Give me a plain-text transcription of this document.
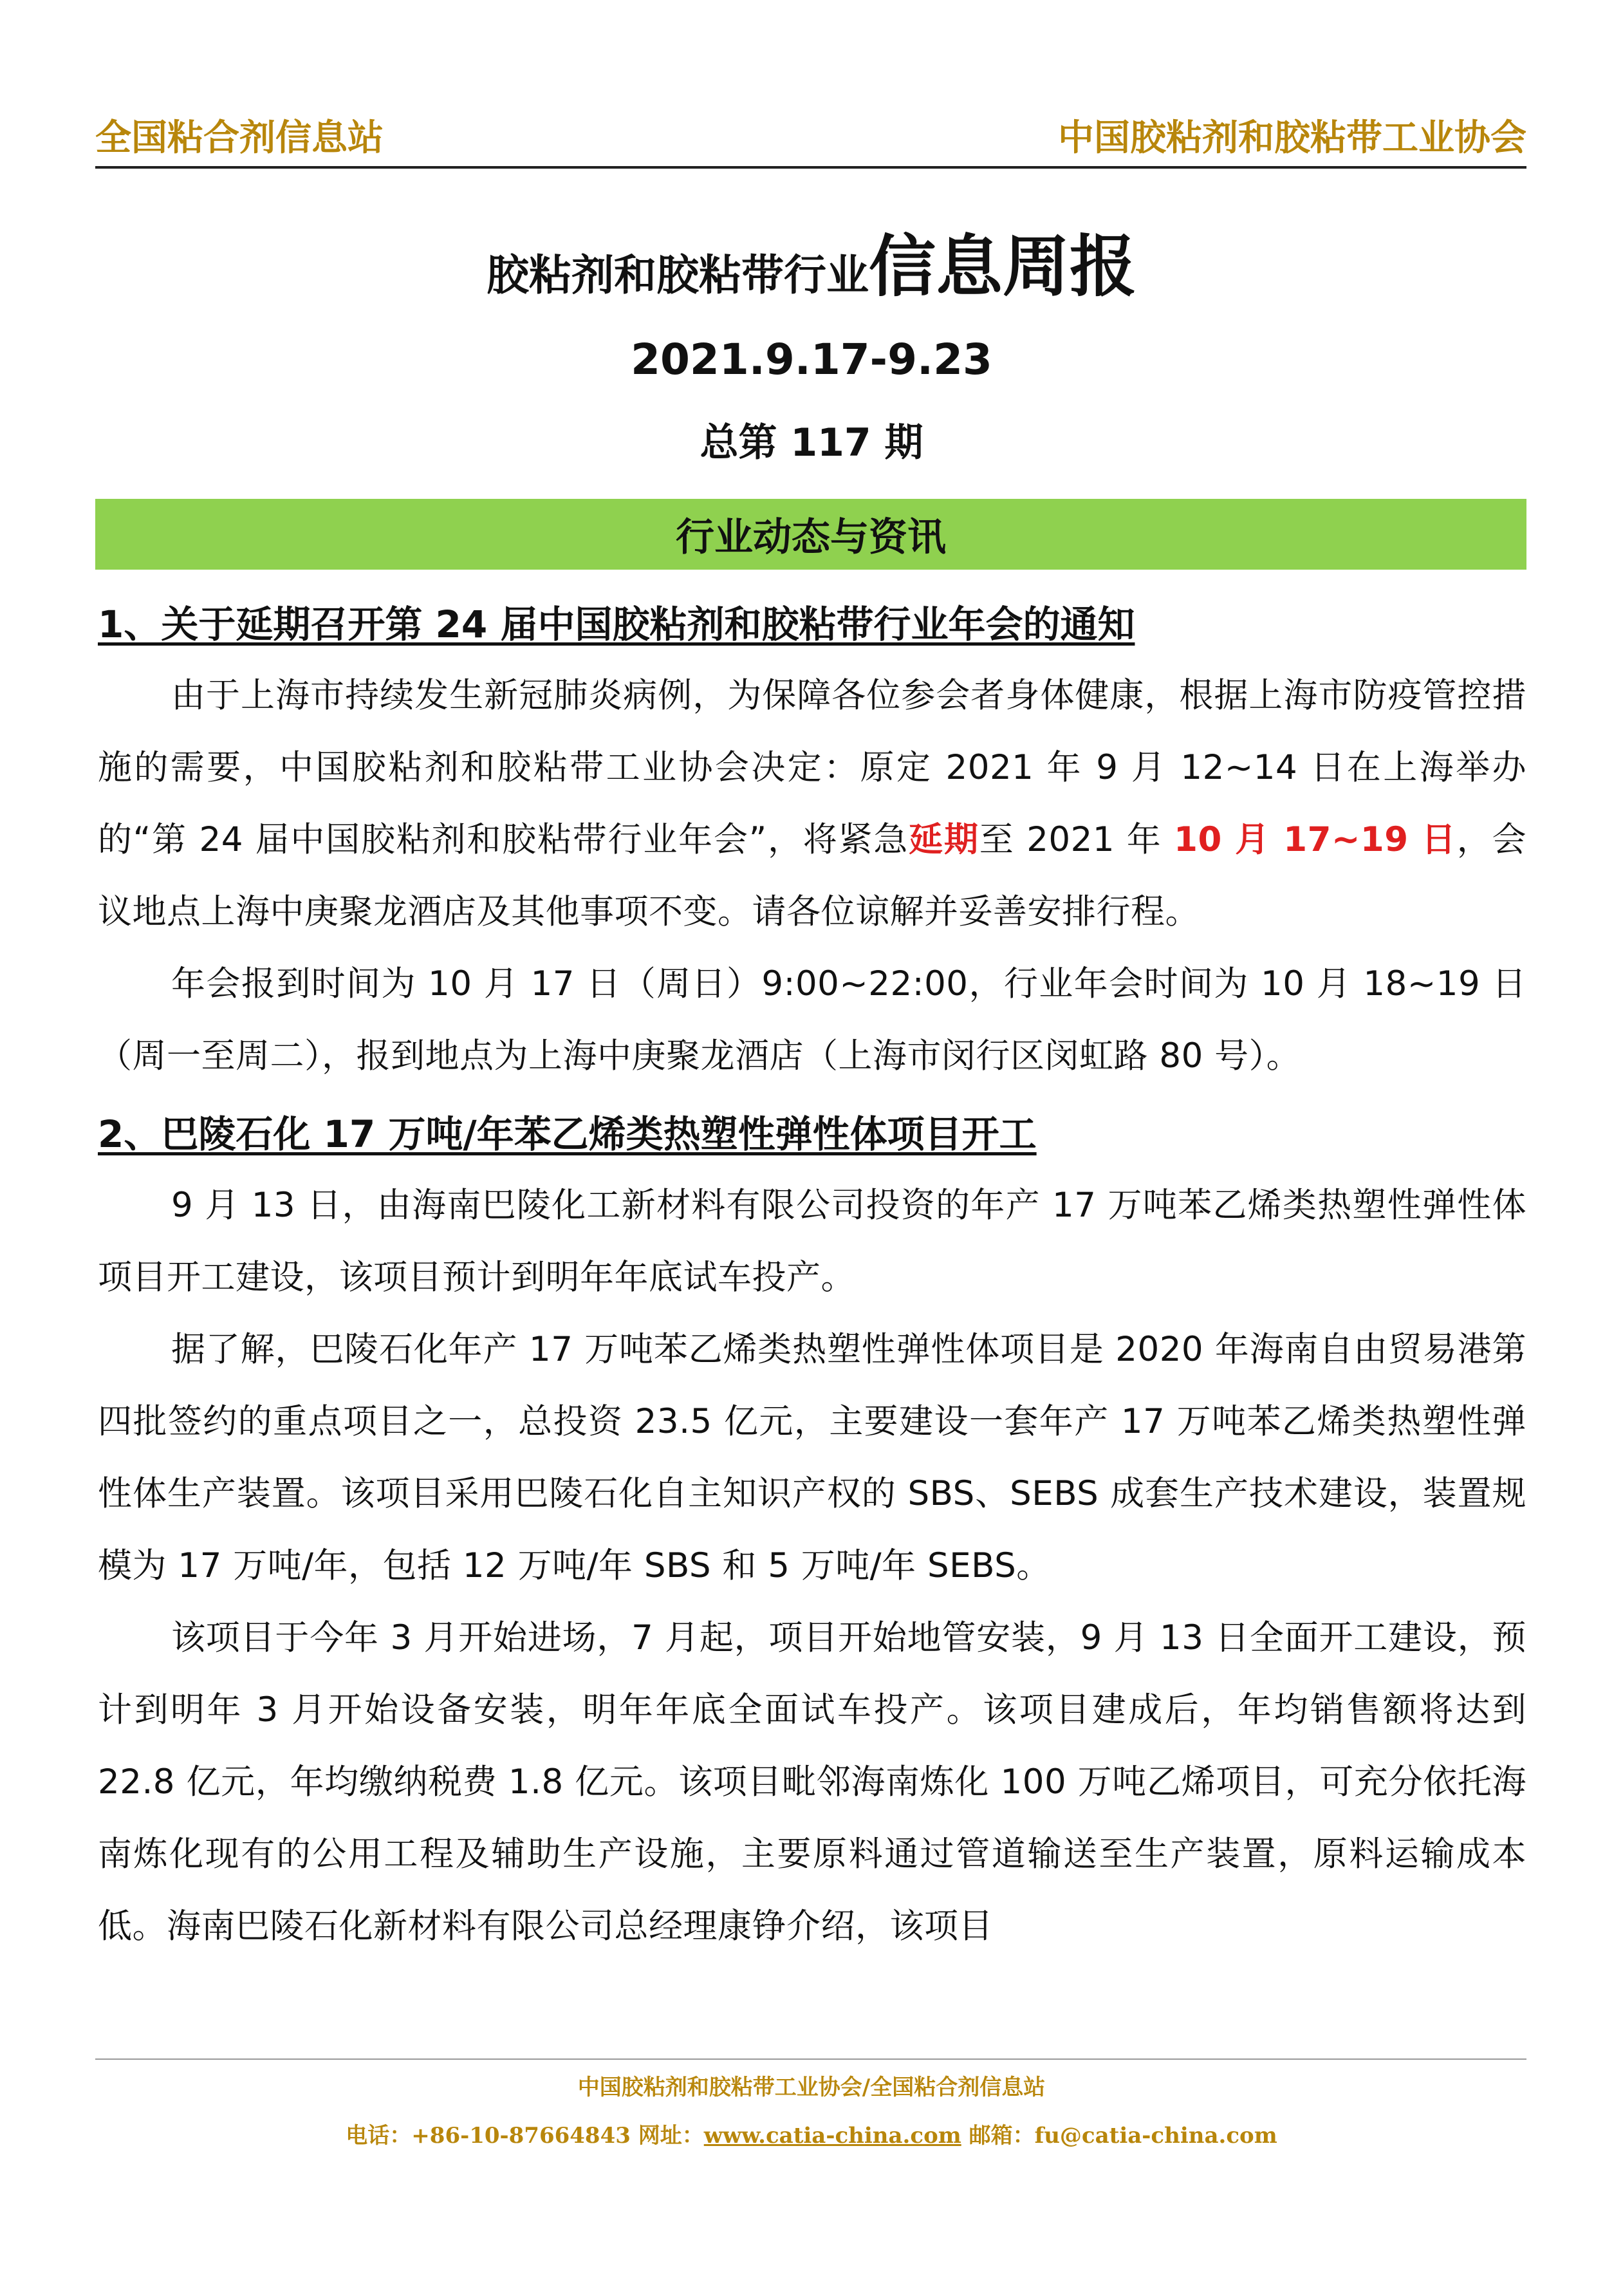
全国粘合剂信息站	中国胶粘剂和胶粘带工业协会
胶粘剂和胶粘带行业信息周报
2021.9.17-9.23
总第 117 期
行业动态与资讯
1、关于延期召开第 24 届中国胶粘剂和胶粘带行业年会的通知

由于上海市持续发生新冠肺炎病例，为保障各位参会者身体健康，根据上海市防疫管控措施的需要，中国胶粘剂和胶粘带工业协会决定：原定 2021 年 9 月 12~14 日在上海举办的“第 24 届中国胶粘剂和胶粘带行业年会”，将紧急延期至 2021 年 10 月 17~19 日，会议地点上海中庚聚龙酒店及其他事项不变。请各位谅解并妥善安排行程。

年会报到时间为 10 月 17 日（周日）9:00~22:00，行业年会时间为 10 月 18~19 日（周一至周二），报到地点为上海中庚聚龙酒店（上海市闵行区闵虹路 80 号）。

2、巴陵石化 17 万吨/年苯乙烯类热塑性弹性体项目开工

9 月 13 日，由海南巴陵化工新材料有限公司投资的年产 17 万吨苯乙烯类热塑性弹性体项目开工建设，该项目预计到明年年底试车投产。

据了解，巴陵石化年产 17 万吨苯乙烯类热塑性弹性体项目是 2020 年海南自由贸易港第四批签约的重点项目之一，总投资 23.5 亿元，主要建设一套年产 17 万吨苯乙烯类热塑性弹性体生产装置。该项目采用巴陵石化自主知识产权的 SBS、SEBS 成套生产技术建设，装置规模为 17 万吨/年，包括 12 万吨/年 SBS 和 5 万吨/年 SEBS。

该项目于今年 3 月开始进场，7 月起，项目开始地管安装，9 月 13 日全面开工建设，预计到明年 3 月开始设备安装，明年年底全面试车投产。该项目建成后，年均销售额将达到 22.8 亿元，年均缴纳税费 1.8 亿元。该项目毗邻海南炼化 100 万吨乙烯项目，可充分依托海南炼化现有的公用工程及辅助生产设施，主要原料通过管道输送至生产装置，原料运输成本低。海南巴陵石化新材料有限公司总经理康铮介绍，该项目

中国胶粘剂和胶粘带工业协会/全国粘合剂信息站
电话：+86-10-87664843 网址：www.catia-china.com 邮箱：fu@catia-china.com
